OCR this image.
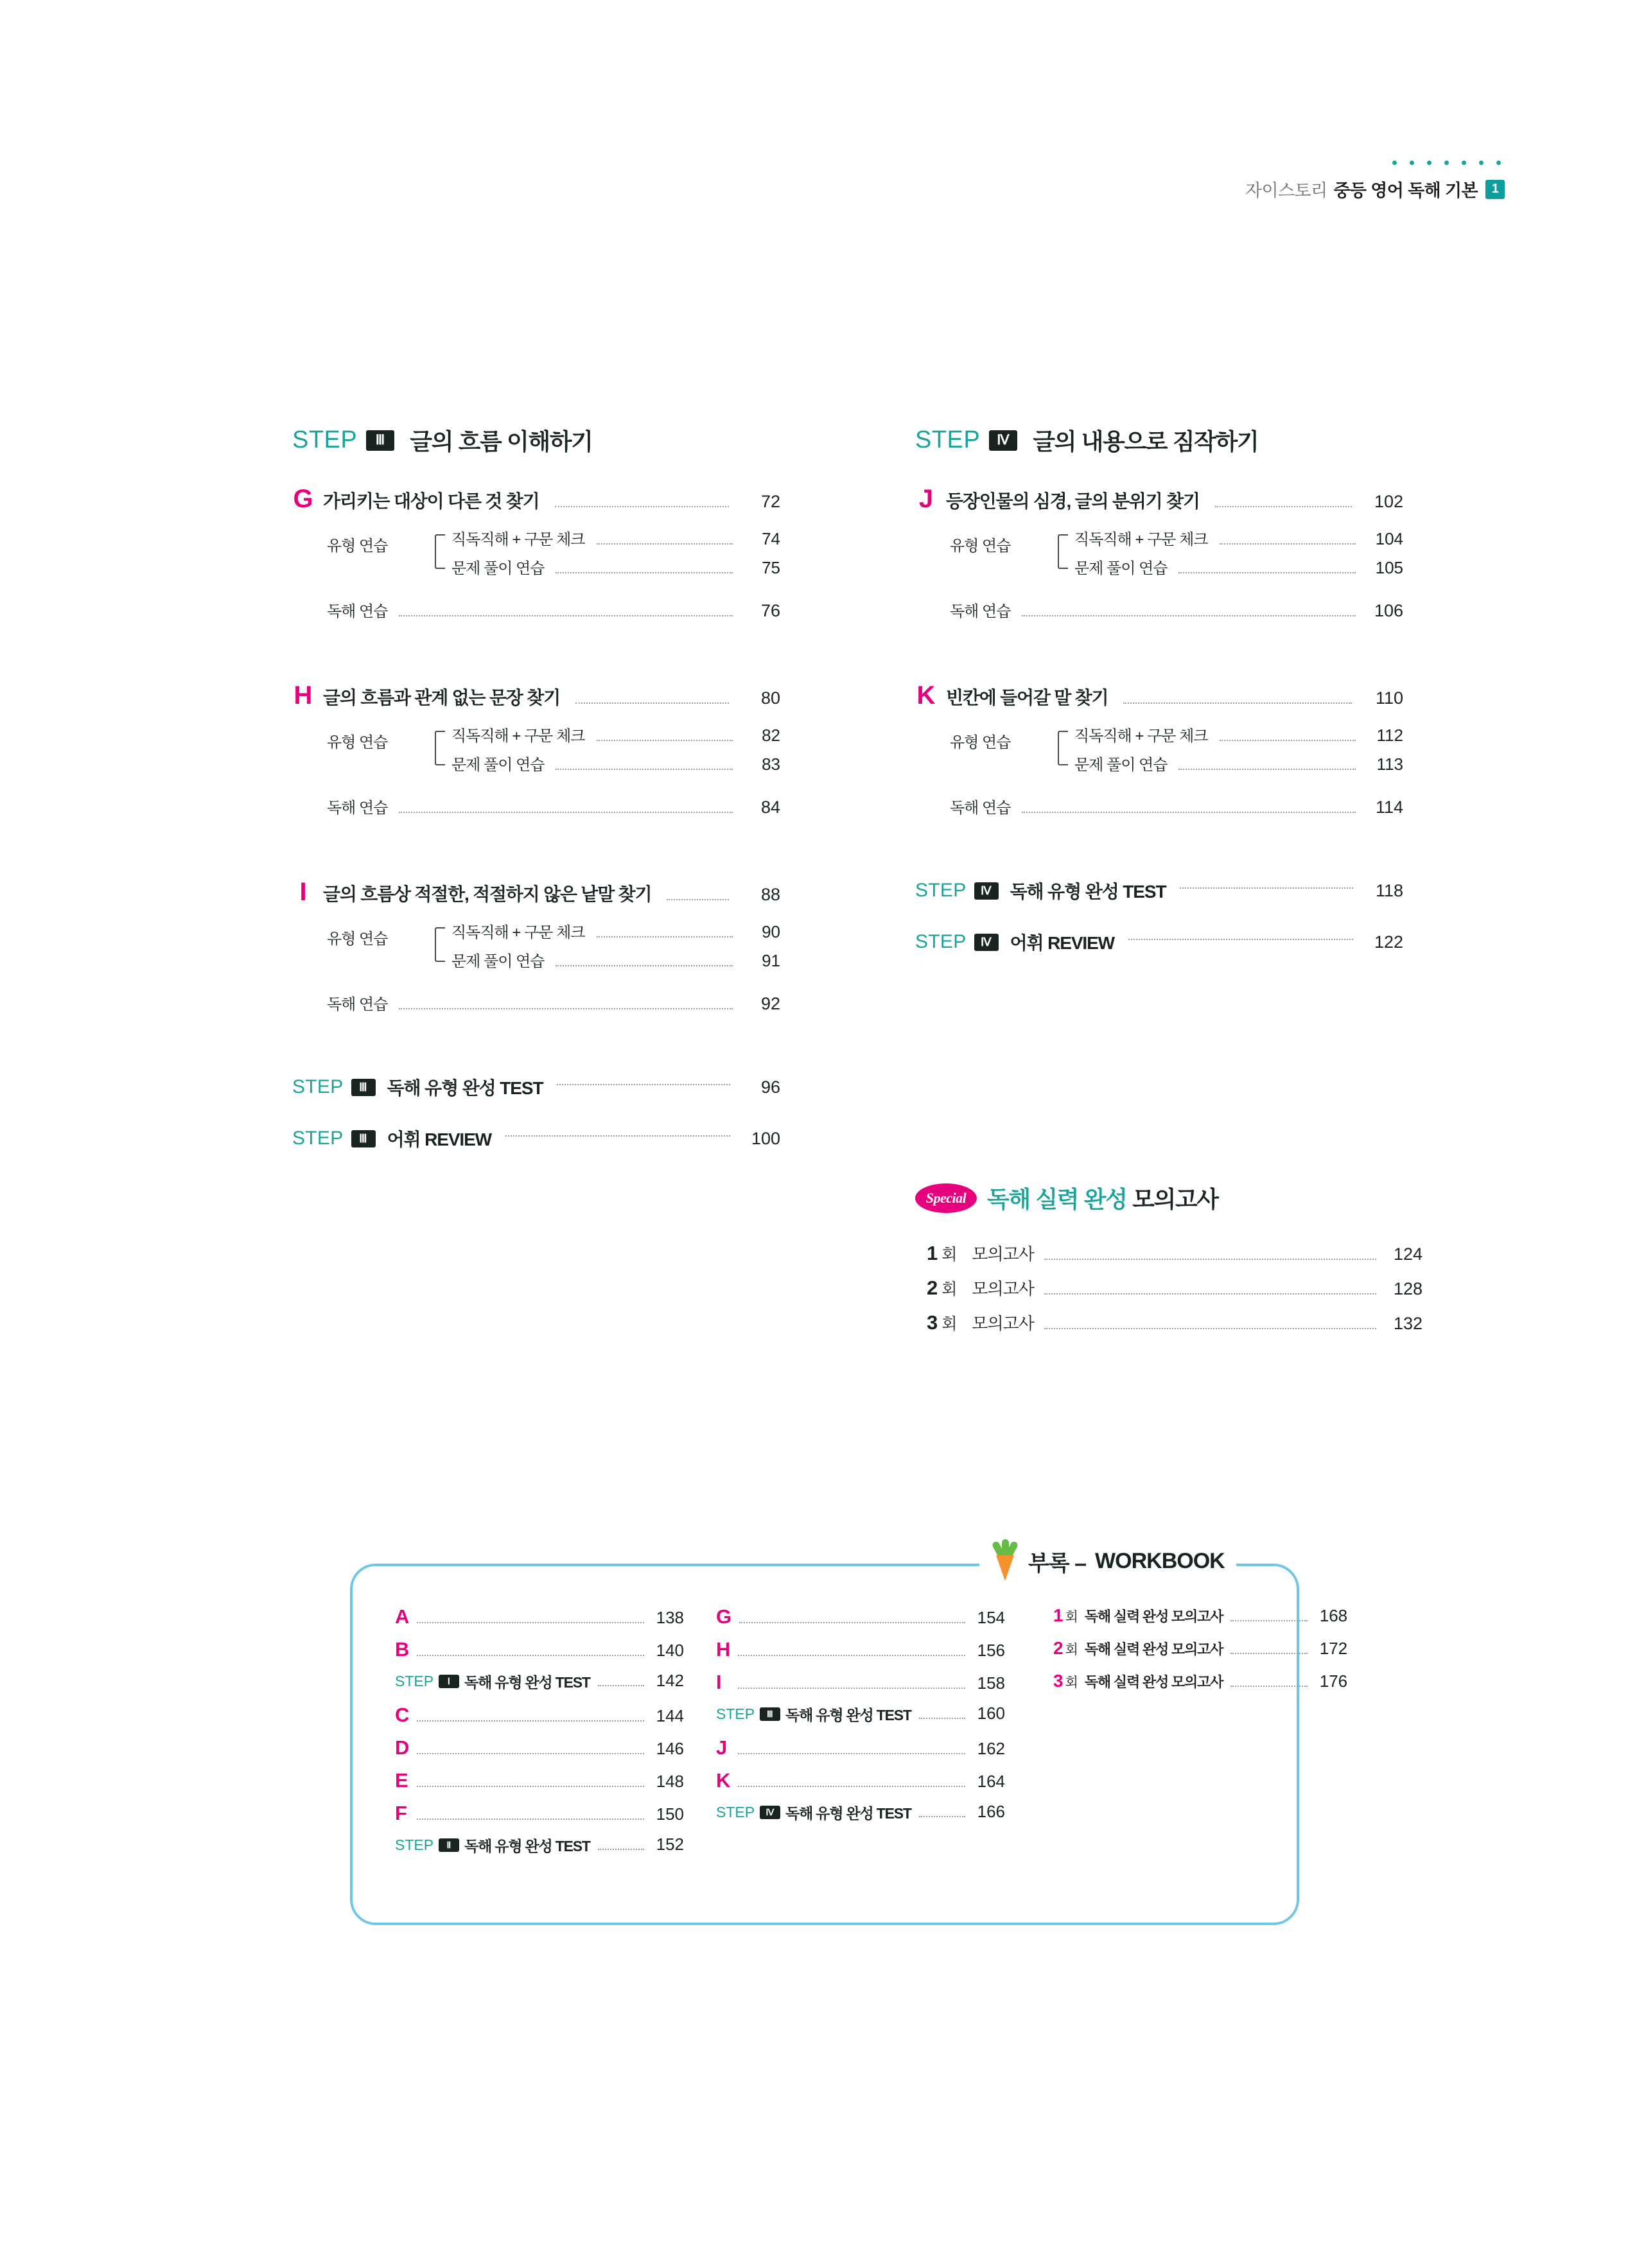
자이스토리 중등 영어 독해 기본	1
STEP	Ⅲ	글의 흐름 이해하기
G 가리키는 대상이 다른 것 찾기	72
유형 연습	직독직해 + 구문 체크	74
문제 풀이 연습	75
독해 연습	76
H 글의 흐름과 관계 없는 문장 찾기	80
유형 연습	직독직해 + 구문 체크	82
문제 풀이 연습	83
독해 연습	84
I 글의 흐름상 적절한, 적절하지 않은 낱말 찾기	88
유형 연습	직독직해 + 구문 체크	90
문제 풀이 연습	91
독해 연습	92
STEP	Ⅲ	독해 유형 완성 TEST	96
STEP	Ⅲ	어휘 REVIEW	100
STEP	Ⅳ	글의 내용으로 짐작하기
J 등장인물의 심경, 글의 분위기 찾기	102
유형 연습	직독직해 + 구문 체크	104
문제 풀이 연습	105
독해 연습	106
K 빈칸에 들어갈 말 찾기	110
유형 연습	직독직해 + 구문 체크	112
문제 풀이 연습	113
독해 연습	114
STEP	Ⅳ	독해 유형 완성 TEST	118
STEP	Ⅳ	어휘 REVIEW	122
Special 독해 실력 완성 모의고사
1 회 모의고사	124
2 회 모의고사	128
3 회 모의고사	132
부록 – WORKBOOK
A	138
B	140
STEP	Ⅰ 독해 유형 완성 TEST	142
C	144
D	146
E	148
F	150
STEP	Ⅱ 독해 유형 완성 TEST	152
G	154
H	156
I	158
STEP	Ⅲ 독해 유형 완성 TEST	160
J	162
K	164
STEP	Ⅳ 독해 유형 완성 TEST	166
1 회 독해 실력 완성 모의고사	168
2 회 독해 실력 완성 모의고사	172
3 회 독해 실력 완성 모의고사	176
